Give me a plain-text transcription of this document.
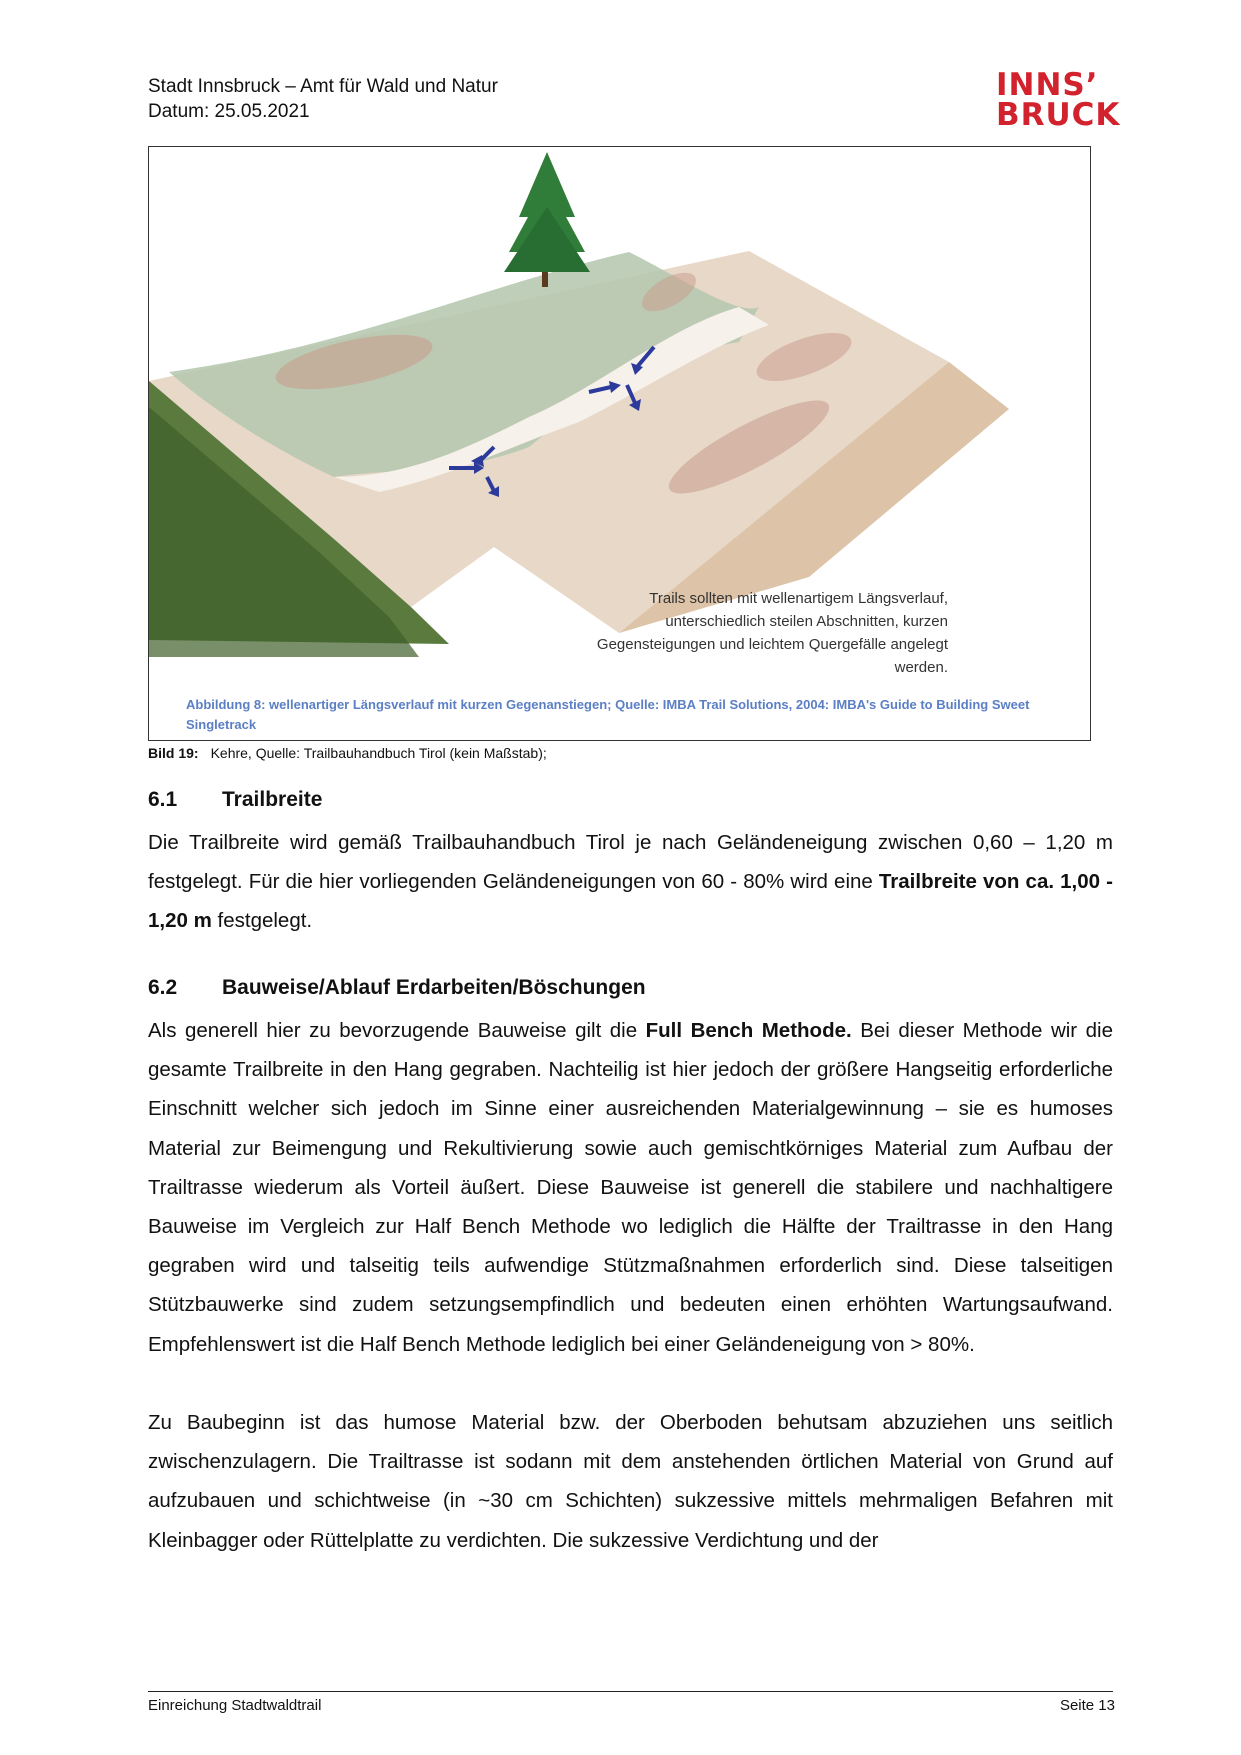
Stadt Innsbruck – Amt für Wald und Natur
Datum: 25.05.2021
INNS’
BRUCK
Trails sollten mit wellenartigem Längsverlauf, unterschiedlich steilen Abschnitten, kurzen Gegensteigungen und leichtem Quergefälle angelegt werden.
Abbildung 8: wellenartiger Längsverlauf mit kurzen Gegenanstiegen; Quelle: IMBA Trail Solutions, 2004: IMBA's Guide to Building Sweet Singletrack
Bild 19: Kehre, Quelle: Trailbauhandbuch Tirol (kein Maßstab);
6.1 Trailbreite

Die Trailbreite wird gemäß Trailbauhandbuch Tirol je nach Geländeneigung zwischen 0,60 – 1,20 m festgelegt. Für die hier vorliegenden Geländeneigungen von 60 - 80% wird eine Trailbreite von ca. 1,00 - 1,20 m festgelegt.

6.2 Bauweise/Ablauf Erdarbeiten/Böschungen

Als generell hier zu bevorzugende Bauweise gilt die Full Bench Methode. Bei dieser Methode wir die gesamte Trailbreite in den Hang gegraben. Nachteilig ist hier jedoch der größere Hangseitig erforderliche Einschnitt welcher sich jedoch im Sinne einer ausreichenden Materialgewinnung – sie es humoses Material zur Beimengung und Rekultivierung sowie auch gemischtkörniges Material zum Aufbau der Trailtrasse wiederum als Vorteil äußert. Diese Bauweise ist generell die stabilere und nachhaltigere Bauweise im Vergleich zur Half Bench Methode wo lediglich die Hälfte der Trailtrasse in den Hang gegraben wird und talseitig teils aufwendige Stützmaßnahmen erforderlich sind. Diese talseitigen Stützbauwerke sind zudem setzungsempfindlich und bedeuten einen erhöhten Wartungsaufwand. Empfehlenswert ist die Half Bench Methode lediglich bei einer Geländeneigung von > 80%.

Zu Baubeginn ist das humose Material bzw. der Oberboden behutsam abzuziehen uns seitlich zwischenzulagern. Die Trailtrasse ist sodann mit dem anstehenden örtlichen Material von Grund auf aufzubauen und schichtweise (in ~30 cm Schichten) sukzessive mittels mehrmaligen Befahren mit Kleinbagger oder Rüttelplatte zu verdichten. Die sukzessive Verdichtung und der

Einreichung Stadtwaldtrail	Seite 13
